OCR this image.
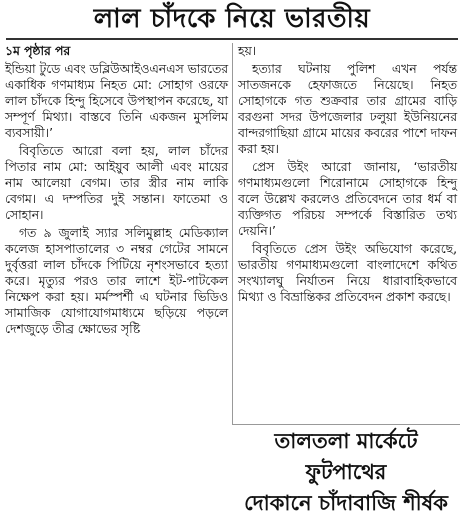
লাল চাঁদকে নিয়ে ভারতীয়

১ম পৃষ্ঠার পর

ইন্ডিয়া টুডে এবং ডব্লিউআইওএনএস ভারতের একাধিক গণমাধ্যম নিহত মো: সোহাগ ওরফে লাল চাঁদকে হিন্দু হিসেবে উপস্থাপন করেছে, যা সম্পূর্ণ মিথ্যা। বাস্তবে তিনি একজন মুসলিম ব্যবসায়ী।’

বিবৃতিতে আরো বলা হয়, লাল চাঁদের পিতার নাম মো: আইয়ুব আলী এবং মায়ের নাম আলেয়া বেগম। তার স্ত্রীর নাম লাকি বেগম। এ দম্পতির দুই সন্তান। ফাতেমা ও সোহান।

গত ৯ জুলাই স্যার সলিমুল্লাহ মেডিক্যাল কলেজ হাসপাতালের ৩ নম্বর গেটের সামনে দুর্বৃত্তরা লাল চাঁদকে পিটিয়ে নৃশংসভাবে হত্যা করে। মৃত্যুর পরও তার লাশে ইট-পাটকেল নিক্ষেপ করা হয়। মর্মস্পর্শী এ ঘটনার ভিডিও সামাজিক যোগাযোগমাধ্যমে ছড়িয়ে পড়লে দেশজুড়ে তীব্র ক্ষোভের সৃষ্টি

হয়।

হত্যার ঘটনায় পুলিশ এখন পর্যন্ত সাতজনকে হেফাজতে নিয়েছে। নিহত সোহাগকে গত শুক্রবার তার গ্রামের বাড়ি বরগুনা সদর উপজেলার ঢলুয়া ইউনিয়নের বান্দরগাছিয়া গ্রামে মায়ের কবরের পাশে দাফন করা হয়।

প্রেস উইং আরো জানায়, ‘ভারতীয় গণমাধ্যমগুলো শিরোনামে সোহাগকে হিন্দু বলে উল্লেখ করলেও প্রতিবেদনে তার ধর্ম বা ব্যক্তিগত পরিচয় সম্পর্কে বিস্তারিত তথ্য দেয়নি।’

বিবৃতিতে প্রেস উইং অভিযোগ করেছে, ভারতীয় গণমাধ্যমগুলো বাংলাদেশে কথিত সংখ্যালঘু নির্যাতন নিয়ে ধারাবাহিকভাবে মিথ্যা ও বিভ্রান্তিকর প্রতিবেদন প্রকাশ করছে।

তালতলা মার্কেটে ফুটপাথের
দোকানে চাঁদাবাজি শীর্ষক
